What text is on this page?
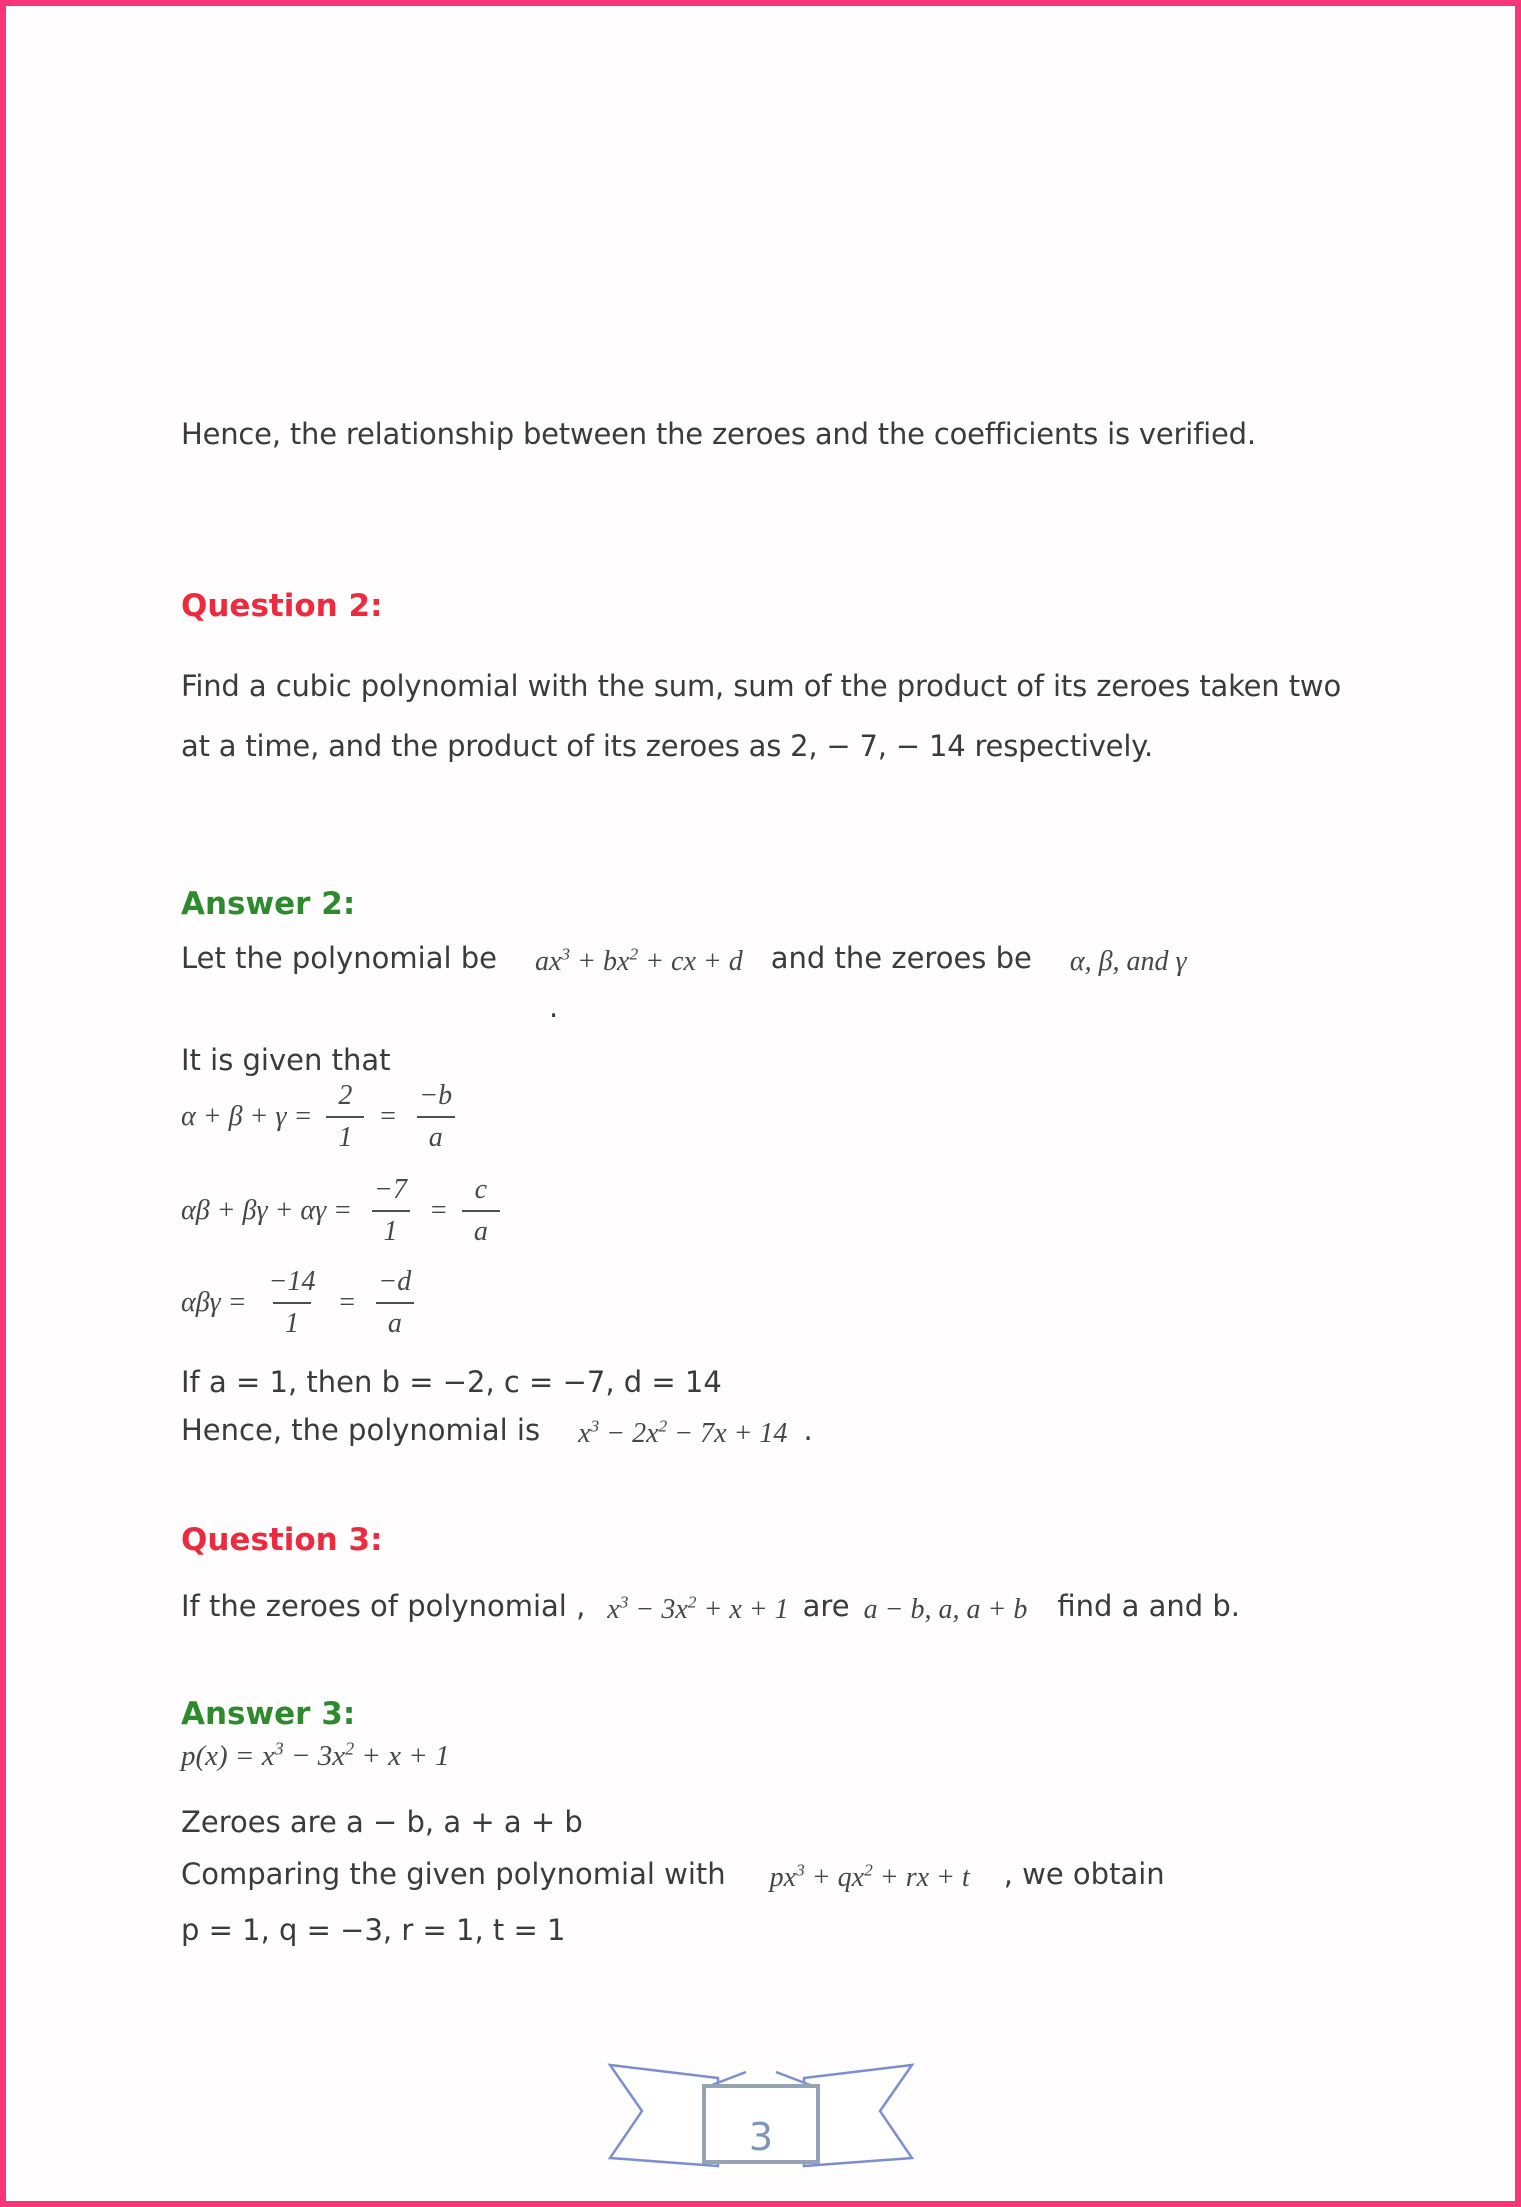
Hence, the relationship between the zeroes and the coefficients is verified.
Question 2:
Find a cubic polynomial with the sum, sum of the product of its zeroes taken two at a time, and the product of its zeroes as 2, − 7, − 14 respectively.
Answer 2:
Let the polynomial be $ax^3 + bx^2$ + cx + d and the zeroes be α, β, and γ
.
It is given that
$\alpha + \beta + \gamma = \frac{2}{1} = \frac{-b}{a}$
$\alpha\beta + \beta\gamma + \alpha\gamma = \frac{-7}{1} = \frac{c}{a}$
$\alpha\beta\gamma = \frac{-14}{1} = \frac{-d}{a}$
If a = 1, then b = −2, c = −7, d = 14
Hence, the polynomial is $x^3 - 2x^2 - 7x + 14$ .
Question 3:
If the zeroes of polynomial , $x^3 - 3x^2 + x + 1$ are a − b, a, a + b find a and b.
Answer 3:
$p(x) = x^3 - 3x^2 + x + 1$
Zeroes are a − b, a + a + b
Comparing the given polynomial with $px^3 + qx^2$ + rx + t , we obtain
p = 1, q = −3, r = 1, t = 1
3
